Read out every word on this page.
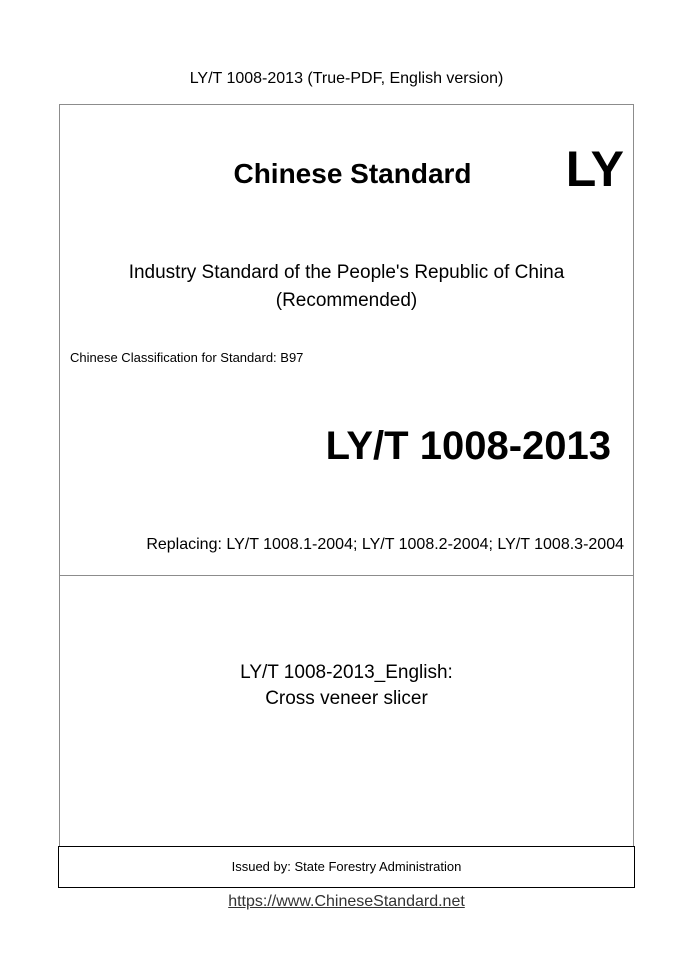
LY/T 1008-2013 (True-PDF, English version)
Issued by: State Forestry Administration
Chinese Standard	LY
Industry Standard of the People's Republic of China
(Recommended)
Chinese Classification for Standard: B97
LY/T 1008-2013
Replacing: LY/T 1008.1-2004; LY/T 1008.2-2004; LY/T 1008.3-2004
LY/T 1008-2013_English:
Cross veneer slicer
https://www.ChineseStandard.net
